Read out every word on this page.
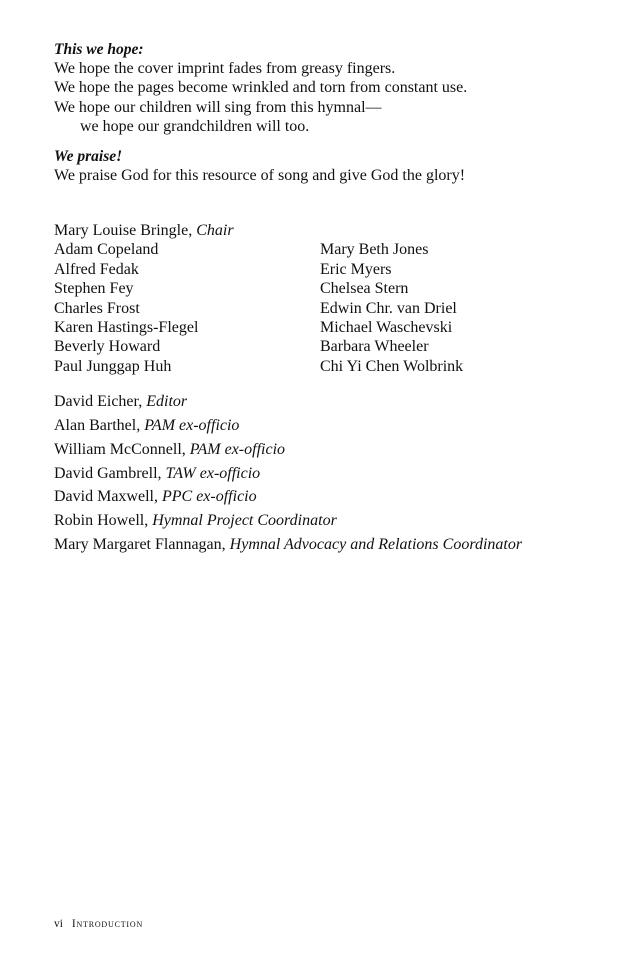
This we hope:
We hope the cover imprint fades from greasy fingers.
We hope the pages become wrinkled and torn from constant use.
We hope our children will sing from this hymnal—
we hope our grandchildren will too.
We praise!
We praise God for this resource of song and give God the glory!
Mary Louise Bringle, Chair
Adam Copeland
Alfred Fedak
Stephen Fey
Charles Frost
Karen Hastings-Flegel
Beverly Howard
Paul Junggap Huh
Mary Beth Jones
Eric Myers
Chelsea Stern
Edwin Chr. van Driel
Michael Waschevski
Barbara Wheeler
Chi Yi Chen Wolbrink
David Eicher, Editor
Alan Barthel, PAM ex-officio
William McConnell, PAM ex-officio
David Gambrell, TAW ex-officio
David Maxwell, PPC ex-officio
Robin Howell, Hymnal Project Coordinator
Mary Margaret Flannagan, Hymnal Advocacy and Relations Coordinator
vi Introduction
